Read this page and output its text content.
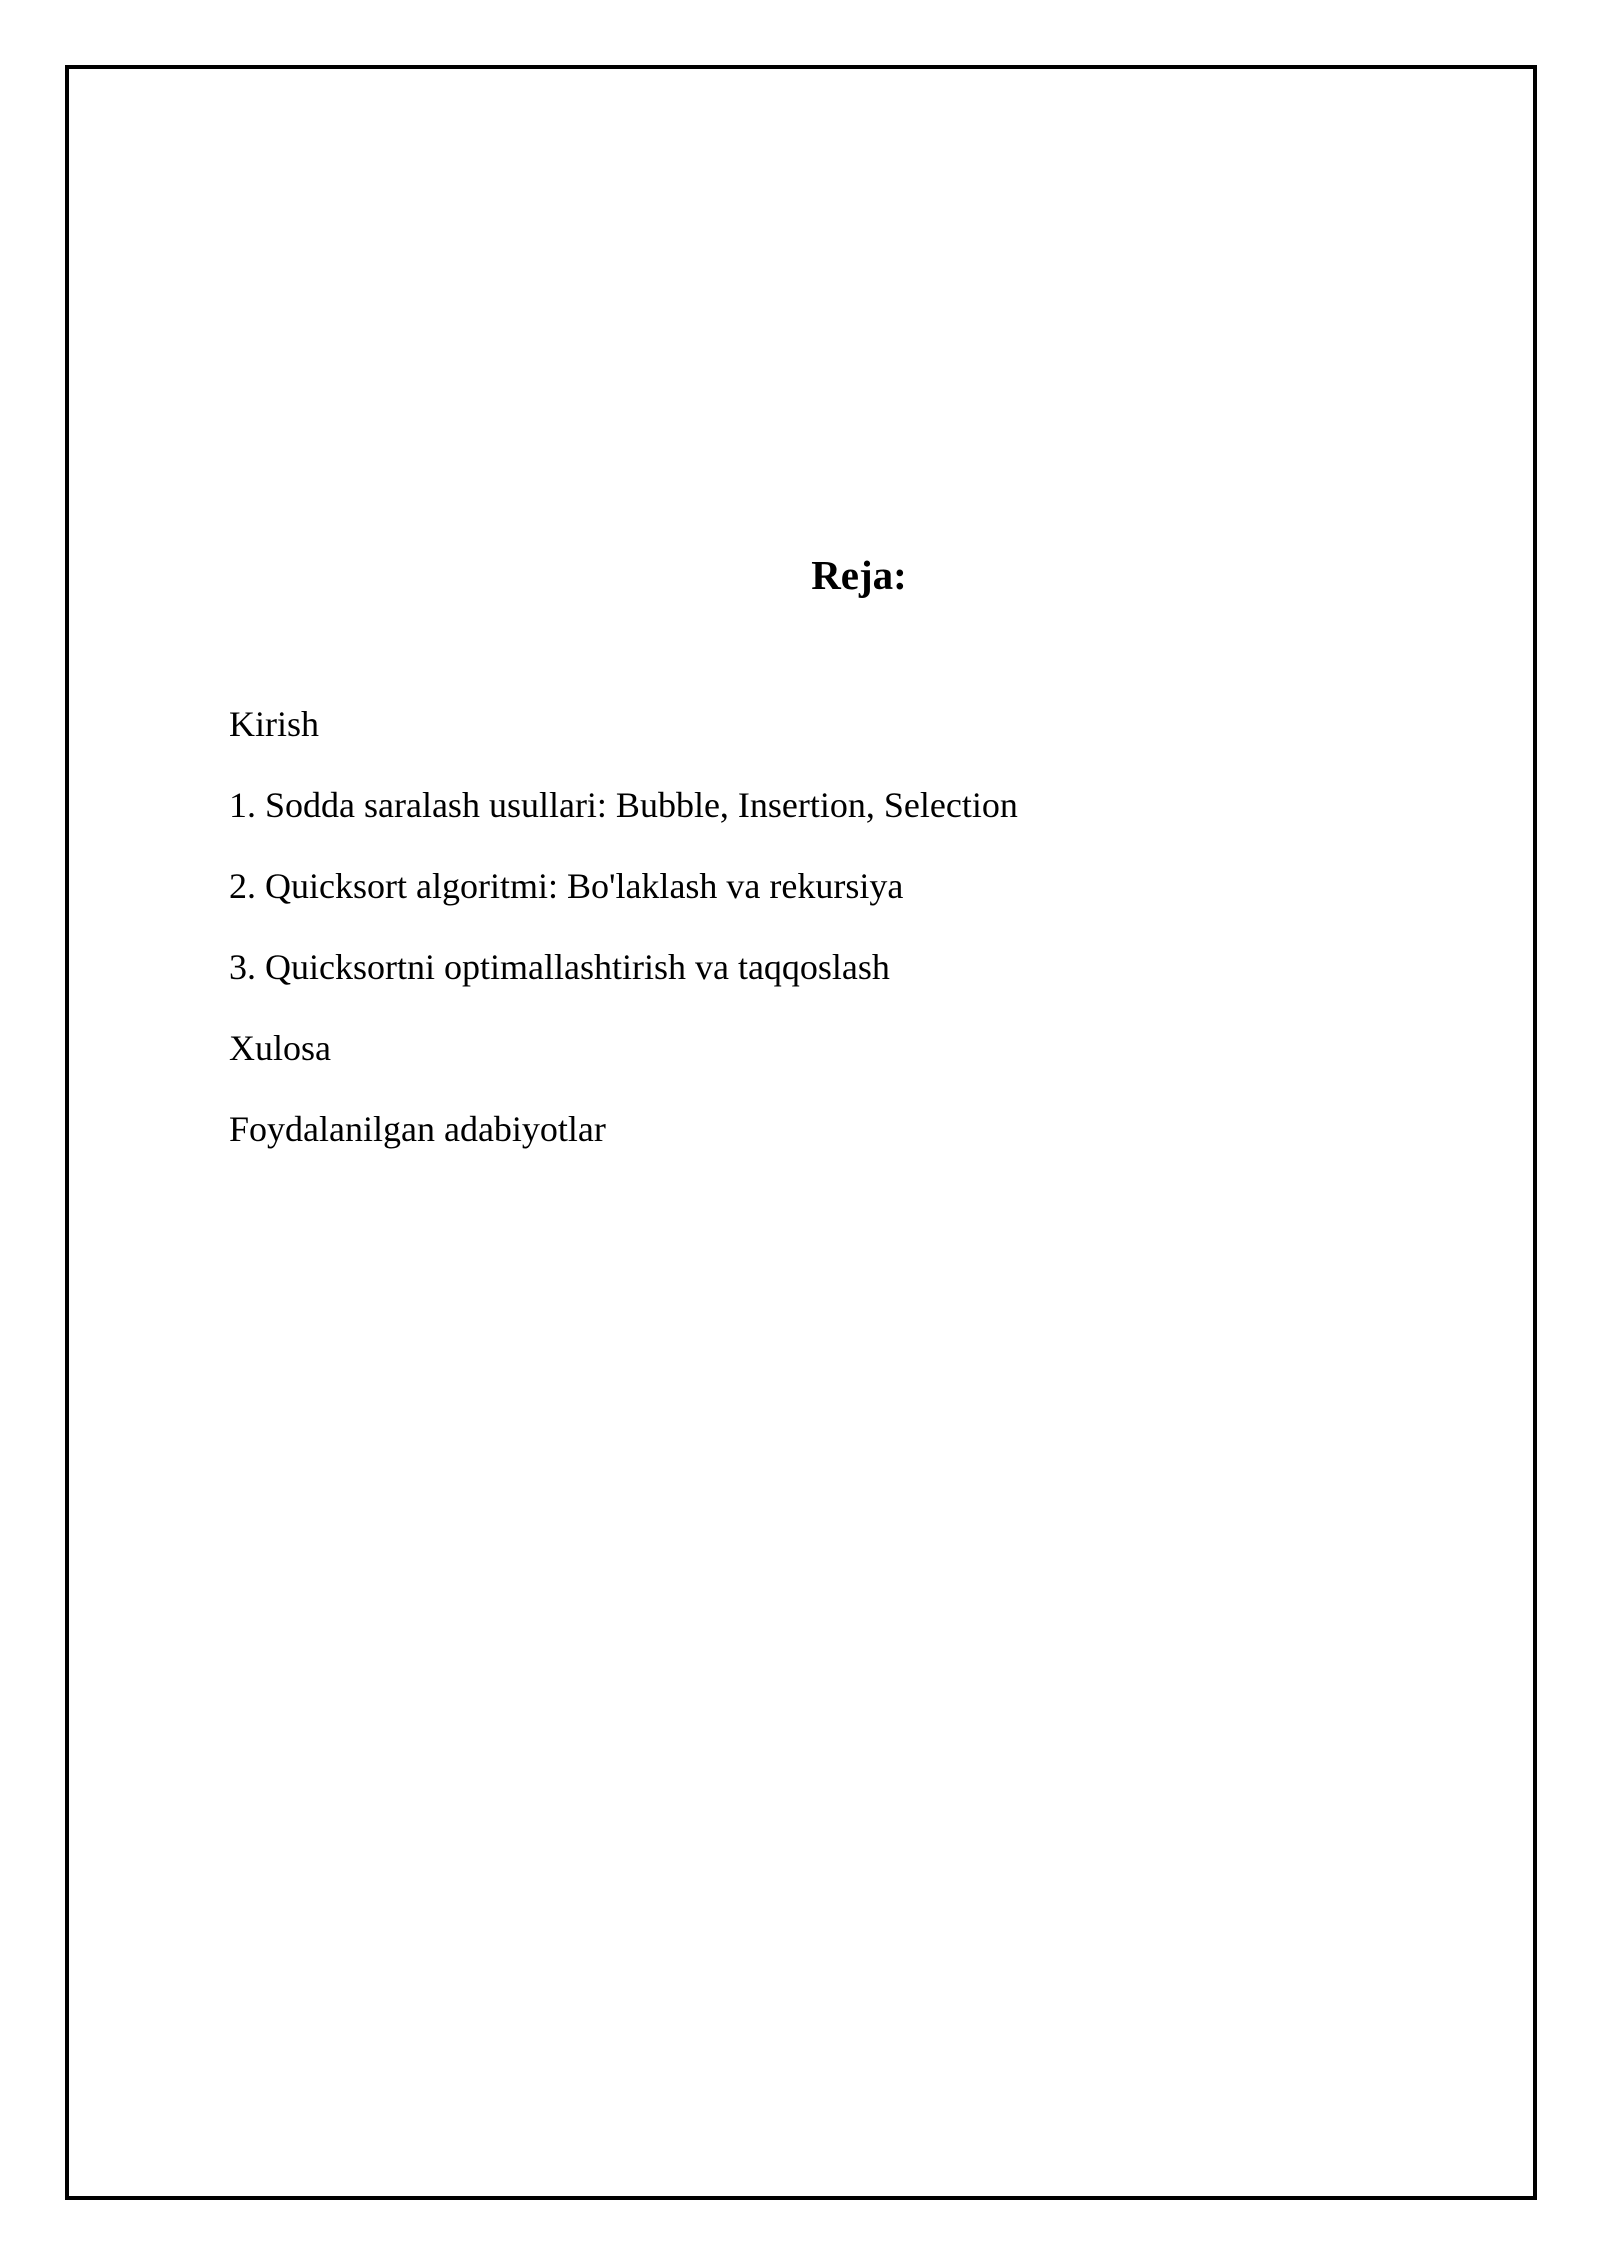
Reja:
Kirish
1. Sodda saralash usullari: Bubble, Insertion, Selection
2. Quicksort algoritmi: Bo'laklash va rekursiya
3. Quicksortni optimallashtirish va taqqoslash
Xulosa
Foydalanilgan adabiyotlar
